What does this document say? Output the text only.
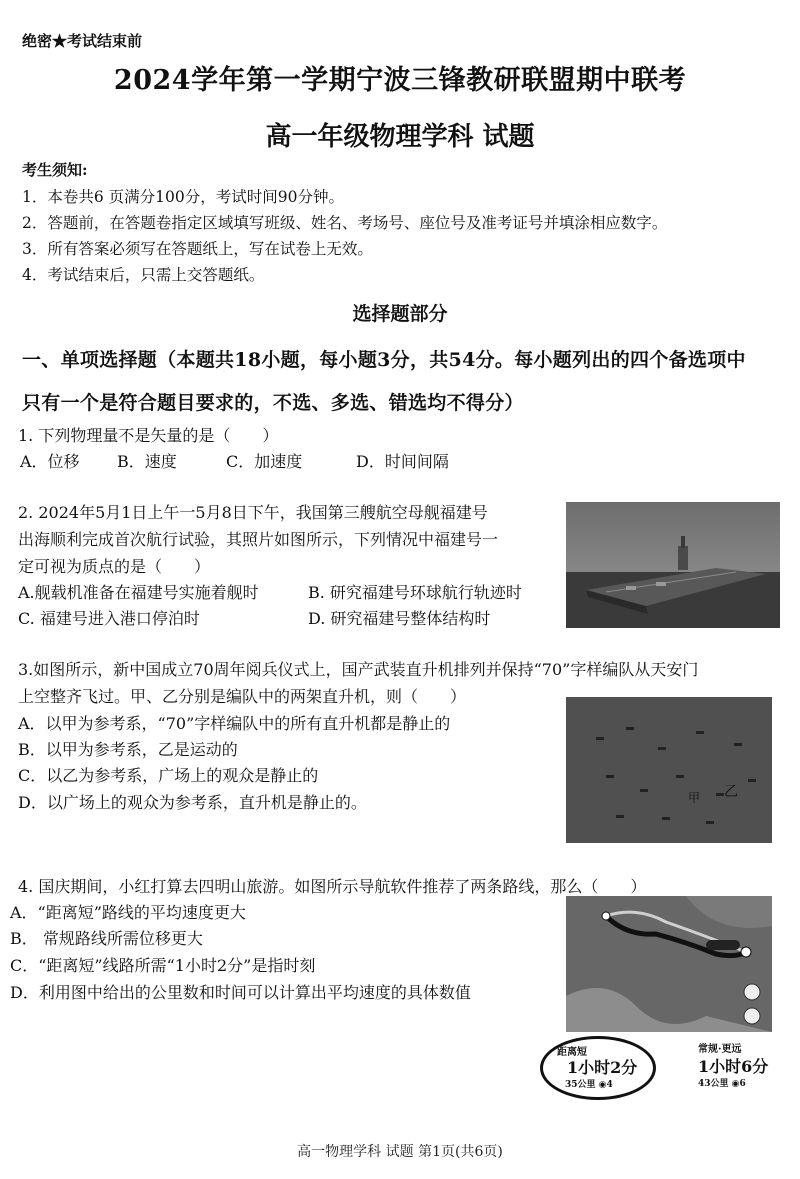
绝密★考试结束前
2024学年第一学期宁波三锋教研联盟期中联考
高一年级物理学科 试题
考生须知:
1．本卷共6 页满分100分，考试时间90分钟。
2．答题前，在答题卷指定区域填写班级、姓名、考场号、座位号及准考证号并填涂相应数字。
3．所有答案必须写在答题纸上，写在试卷上无效。
4．考试结束后，只需上交答题纸。
选择题部分
一、单项选择题（本题共18小题，每小题3分，共54分。每小题列出的四个备选项中
只有一个是符合题目要求的，不选、多选、错选均不得分）
1. 下列物理量不是矢量的是（　　）
A．位移 B．速度	C．加速度	D．时间间隔
2. 2024年5月1日上午一5月8日下午，我国第三艘航空母舰福建号
出海顺利完成首次航行试验，其照片如图所示，下列情况中福建号一
定可视为质点的是（　　）
A.舰载机准备在福建号实施着舰时	B. 研究福建号环球航行轨迹时
C. 福建号进入港口停泊时	D. 研究福建号整体结构时
3.如图所示，新中国成立70周年阅兵仪式上，国产武装直升机排列并保持“70”字样编队从天安门
上空整齐飞过。甲、乙分别是编队中的两架直升机，则（　　）
A．以甲为参考系，“70”字样编队中的所有直升机都是静止的
B．以甲为参考系，乙是运动的
C．以乙为参考系，广场上的观众是静止的
D．以广场上的观众为参考系，直升机是静止的。	甲 乙
4. 国庆期间，小红打算去四明山旅游。如图所示导航软件推荐了两条路线，那么（　　）
A．“距离短”路线的平均速度更大
B． 常规路线所需位移更大
C．“距离短”线路所需“1小时2分”是指时刻
D．利用图中给出的公里数和时间可以计算出平均速度的具体数值
距离短
1小时2分
35公里 ◉4
常规·更远
1小时6分
43公里 ◉6
高一物理学科 试题 第1页(共6页)
